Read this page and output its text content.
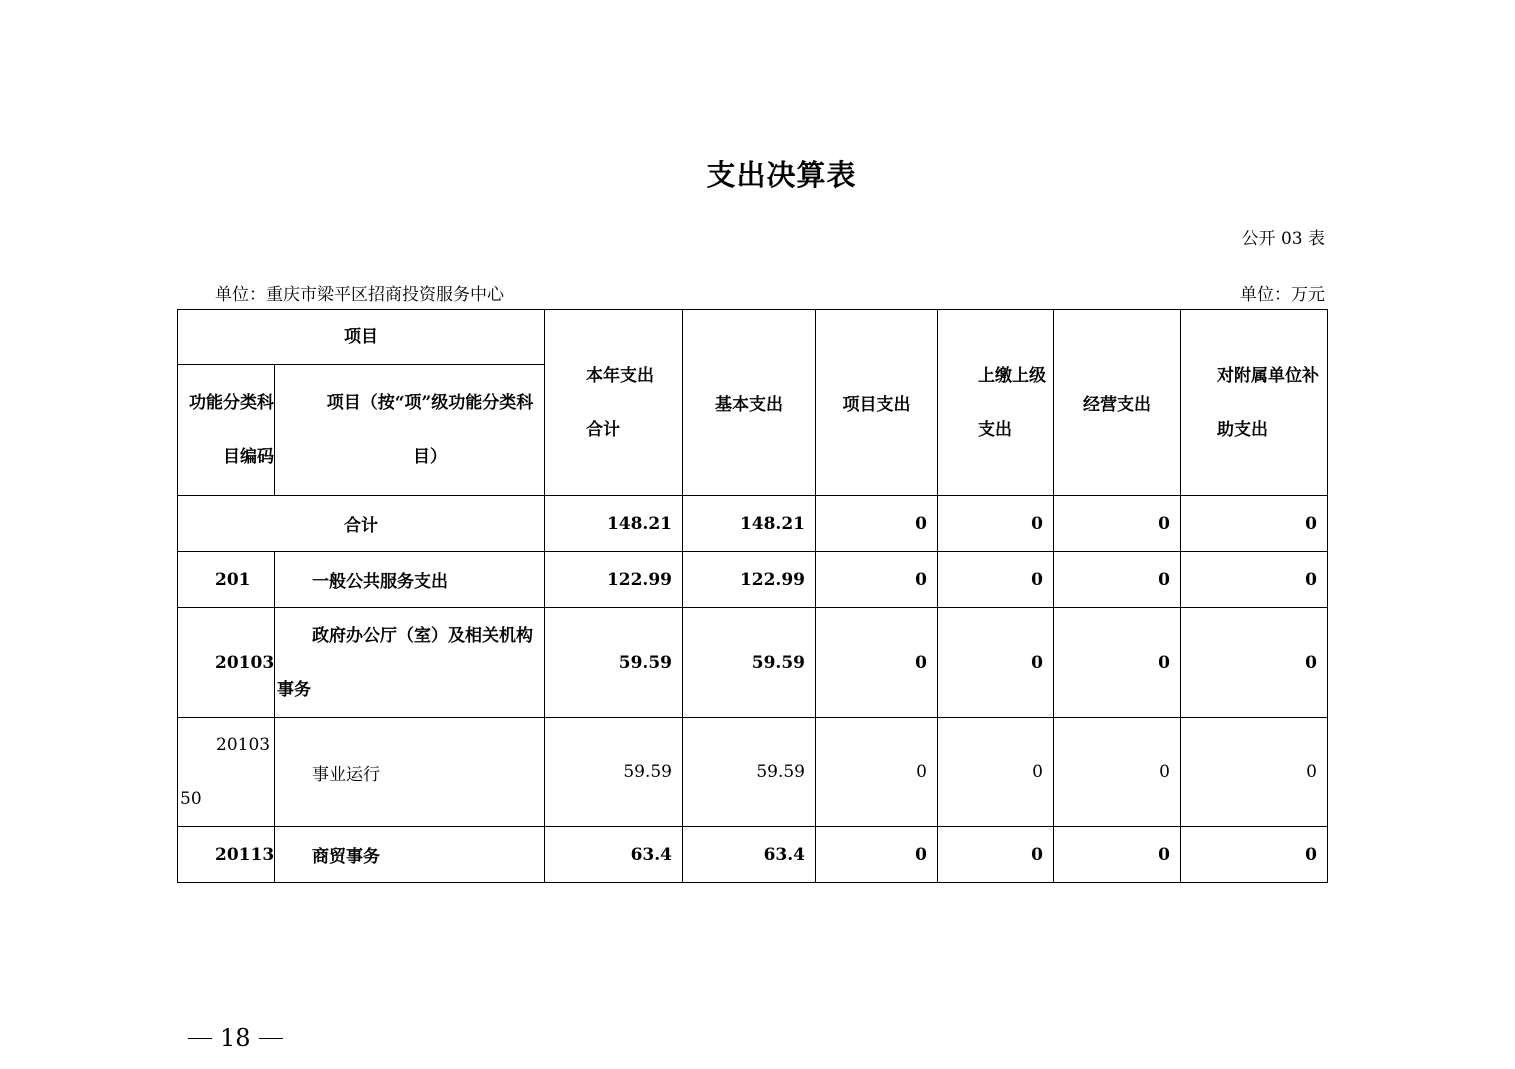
支出决算表
公开 03 表
单位：重庆市梁平区招商投资服务中心	单位：万元
项目		本年支出合计	基本支出	项目支出	上缴上级支出	经营支出	对附属单位补助支出

功能分类科目编码	项目（按“项”级功能分类科目）						

合计		148.21	148.21	0	0	0	0
201	一般公共服务支出	122.99	122.99	0	0	0	0
20103	政府办公厅（室）及相关机构事务	59.59	59.59	0	0	0	0

2010350	事业运行	59.59	59.59	0	0	0	0
20113	商贸事务	63.4	63.4	0	0	0	0
18
